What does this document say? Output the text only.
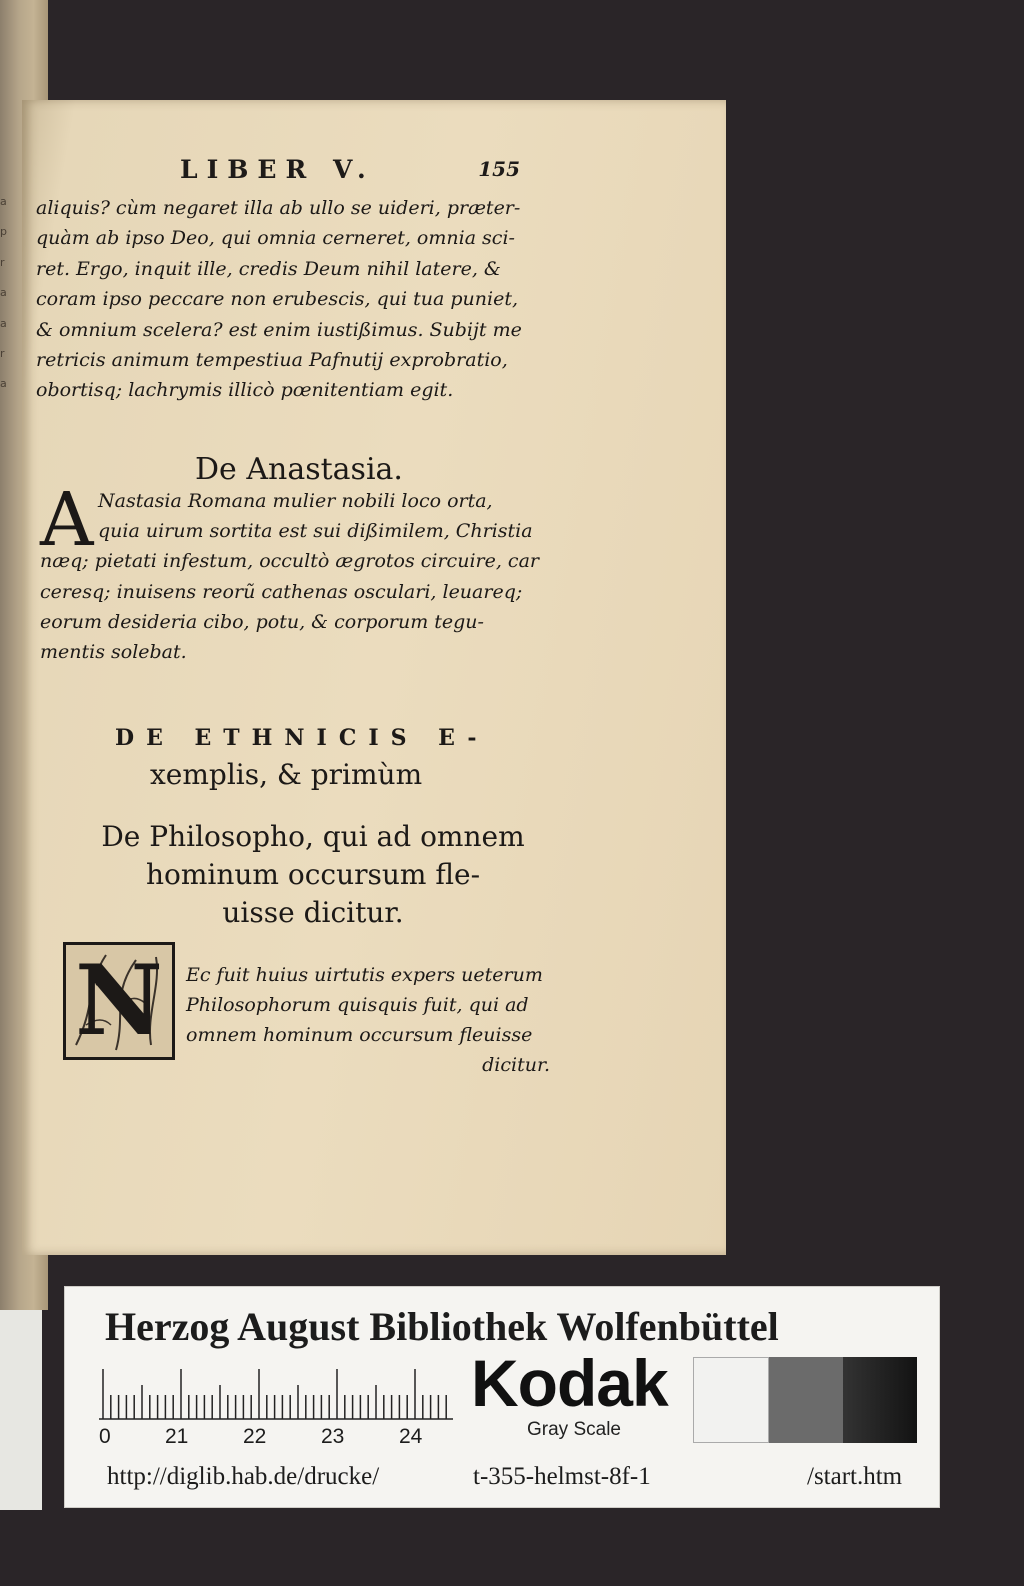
a
p
r
a
a
r
a
LIBER V.	155
aliquis? cùm negaret illa ab ullo se uideri, præter-
quàm ab ipso Deo, qui omnia cerneret, omnia sci-
ret. Ergo, inquit ille, credis Deum nihil latere, &
coram ipso peccare non erubescis, qui tua puniet,
& omnium scelera? est enim iustißimus. Subijt me
retricis animum tempestiua Pafnutij exprobratio,
obortisq; lachrymis illicò pœnitentiam egit.
De Anastasia.
A Nastasia Romana mulier nobili loco orta,
quia uirum sortita est sui dißimilem, Christia
næq; pietati infestum, occultò ægrotos circuire, car
ceresq; inuisens reorũ cathenas osculari, leuareq;
eorum desideria cibo, potu, & corporum tegu-
mentis solebat.
DE ETHNICIS E-
xemplis, & primùm
De Philosopho, qui ad omnem
hominum occursum fle-
uisse dicitur.
N	Ec fuit huius uirtutis expers ueterum
Philosophorum quisquis fuit, qui ad
omnem hominum occursum fleuisse
dicitur.
Herzog August Bibliothek Wolfenbüttel
0	21	22	23	24
Kodak
Gray Scale
http://diglib.hab.de/drucke/	t-355-helmst-8f-1	/start.htm
